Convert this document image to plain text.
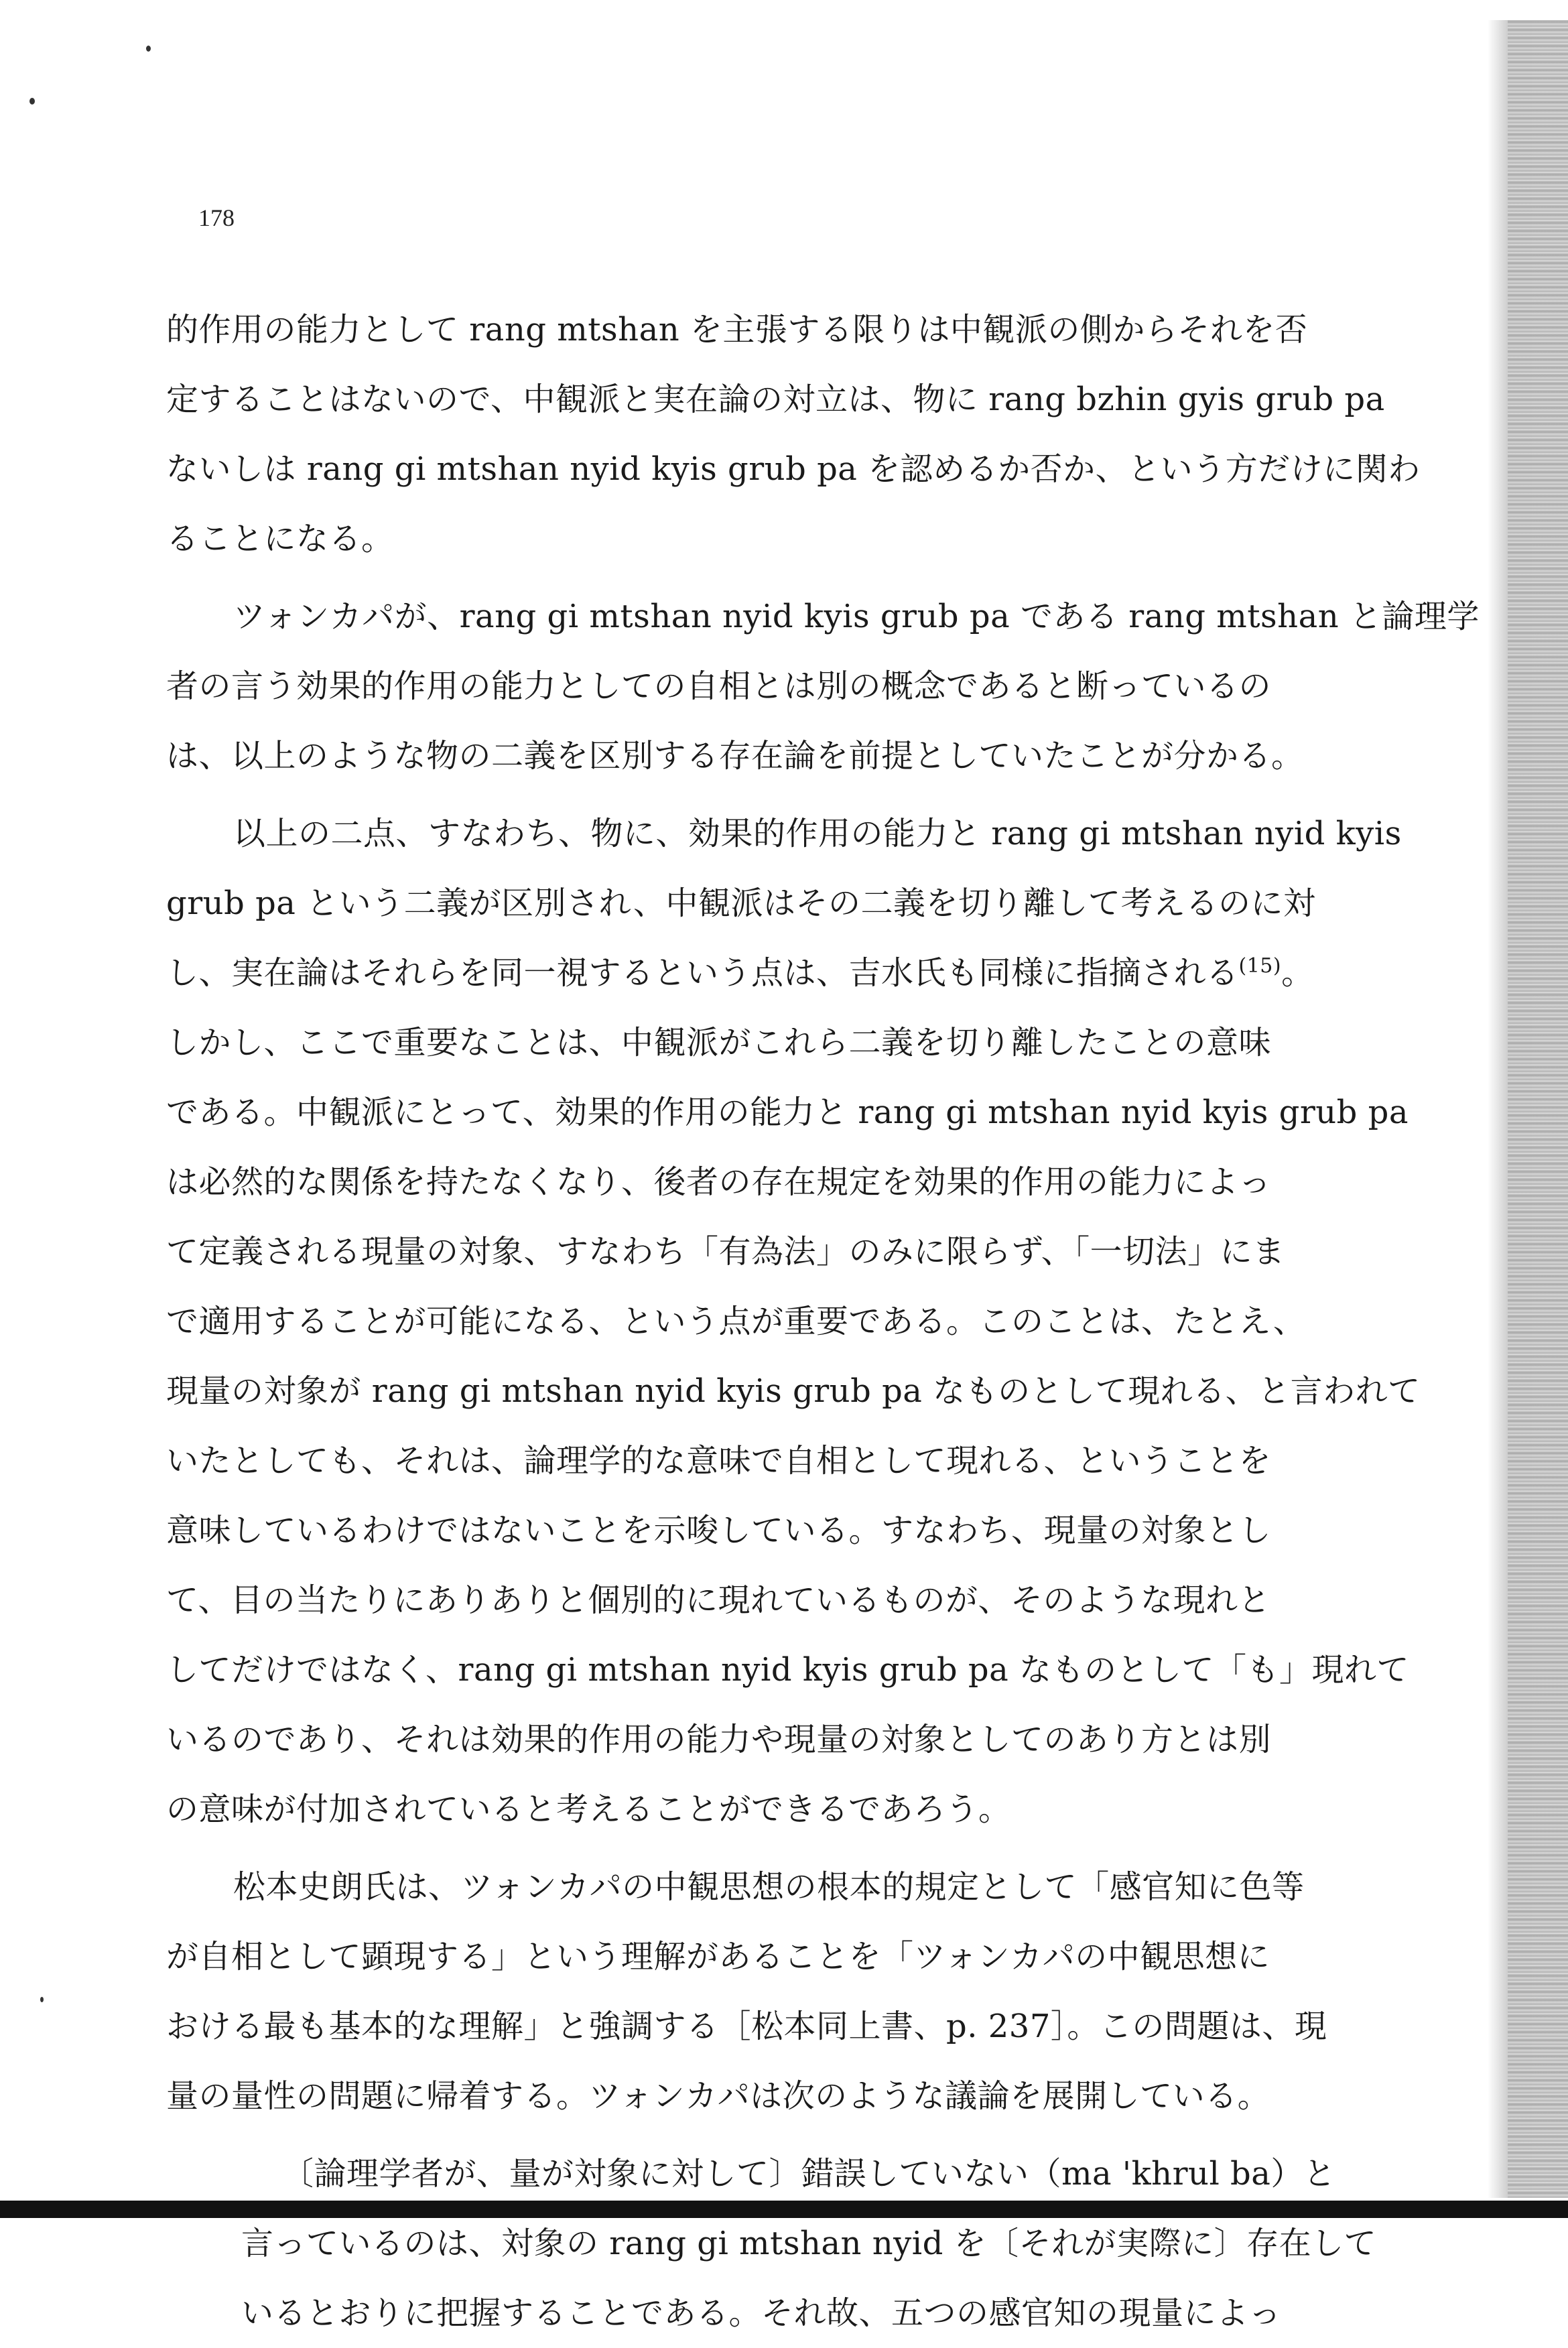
178
的作用の能力として rang mtshan を主張する限りは中観派の側からそれを否
定することはないので、中観派と実在論の対立は、物に rang bzhin gyis grub pa
ないしは rang gi mtshan nyid kyis grub pa を認めるか否か、という方だけに関わ
ることになる。
ツォンカパが、rang gi mtshan nyid kyis grub pa である rang mtshan と論理学
者の言う効果的作用の能力としての自相とは別の概念であると断っているの
は、以上のような物の二義を区別する存在論を前提としていたことが分かる。
以上の二点、すなわち、物に、効果的作用の能力と rang gi mtshan nyid kyis
grub pa という二義が区別され、中観派はその二義を切り離して考えるのに対
し、実在論はそれらを同一視するという点は、吉水氏も同様に指摘される$^{(15)}$。
しかし、ここで重要なことは、中観派がこれら二義を切り離したことの意味
である。中観派にとって、効果的作用の能力と rang gi mtshan nyid kyis grub pa
は必然的な関係を持たなくなり、後者の存在規定を効果的作用の能力によっ
て定義される現量の対象、すなわち「有為法」のみに限らず、「一切法」にま
で適用することが可能になる、という点が重要である。このことは、たとえ、
現量の対象が rang gi mtshan nyid kyis grub pa なものとして現れる、と言われて
いたとしても、それは、論理学的な意味で自相として現れる、ということを
意味しているわけではないことを示唆している。すなわち、現量の対象とし
て、目の当たりにありありと個別的に現れているものが、そのような現れと
してだけではなく、rang gi mtshan nyid kyis grub pa なものとして「も」現れて
いるのであり、それは効果的作用の能力や現量の対象としてのあり方とは別
の意味が付加されていると考えることができるであろう。
松本史朗氏は、ツォンカパの中観思想の根本的規定として「感官知に色等
が自相として顕現する」という理解があることを「ツォンカパの中観思想に
おける最も基本的な理解」と強調する［松本同上書、p. 237］。この問題は、現
量の量性の問題に帰着する。ツォンカパは次のような議論を展開している。
〔論理学者が、量が対象に対して〕錯誤していない（ma 'khrul ba）と
言っているのは、対象の rang gi mtshan nyid を〔それが実際に〕存在して
いるとおりに把握することである。それ故、五つの感官知の現量によっ
